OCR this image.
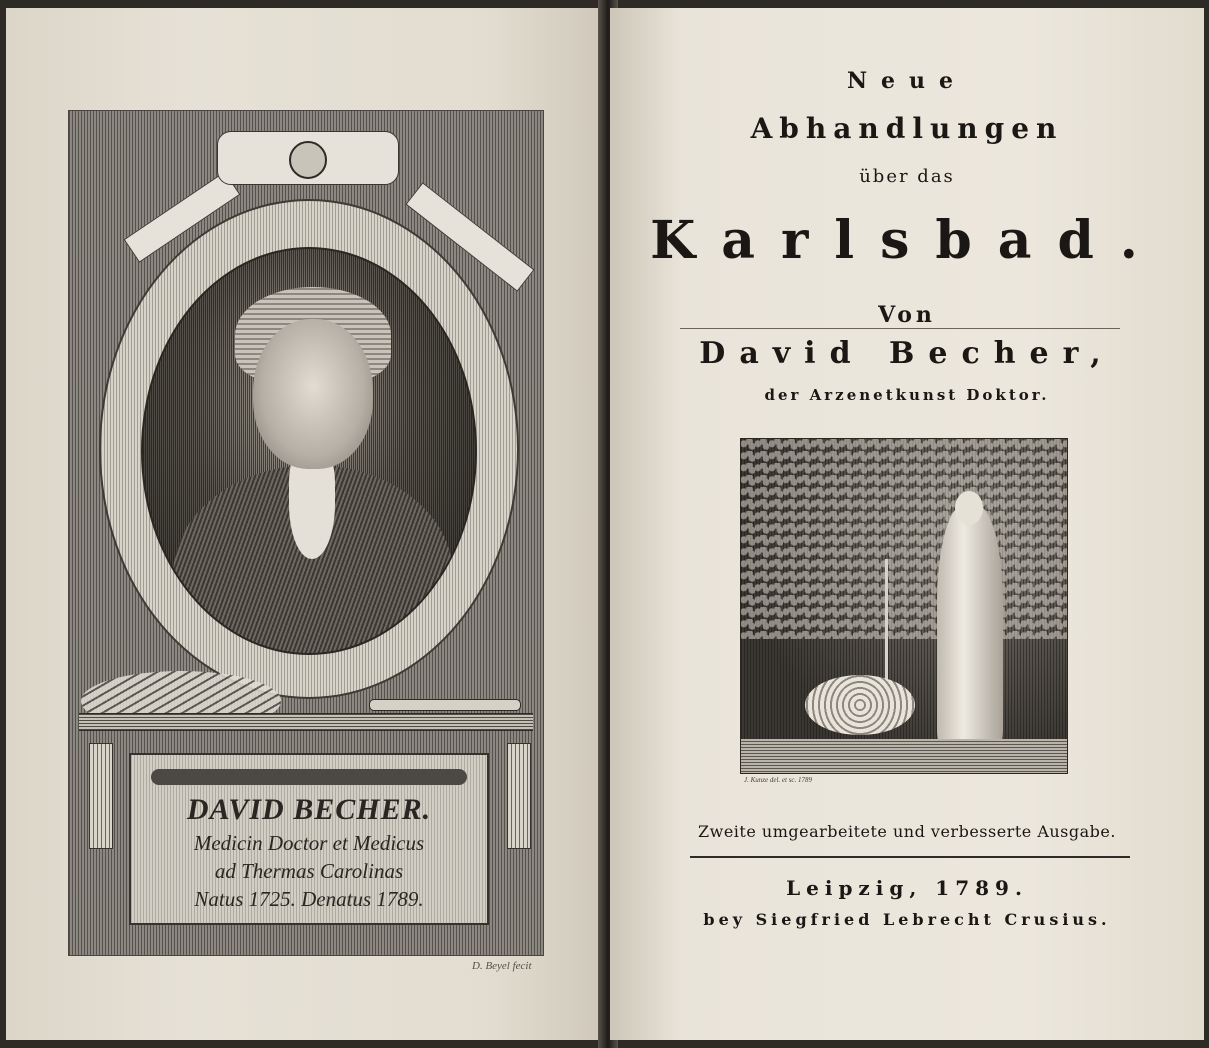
DAVID BECHER.
Medicin Doctor et Medicus
ad Thermas Carolinas
Natus 1725. Denatus 1789.
D. Beyel fecit
Neue
Abhandlungen
über das
Karlsbad.
Von
David Becher,
der Arzenetkunst Doktor.
J. Kunze del. et sc. 1789
Zweite umgearbeitete und verbesserte Ausgabe.
Leipzig, 1789.
bey Siegfried Lebrecht Crusius.
